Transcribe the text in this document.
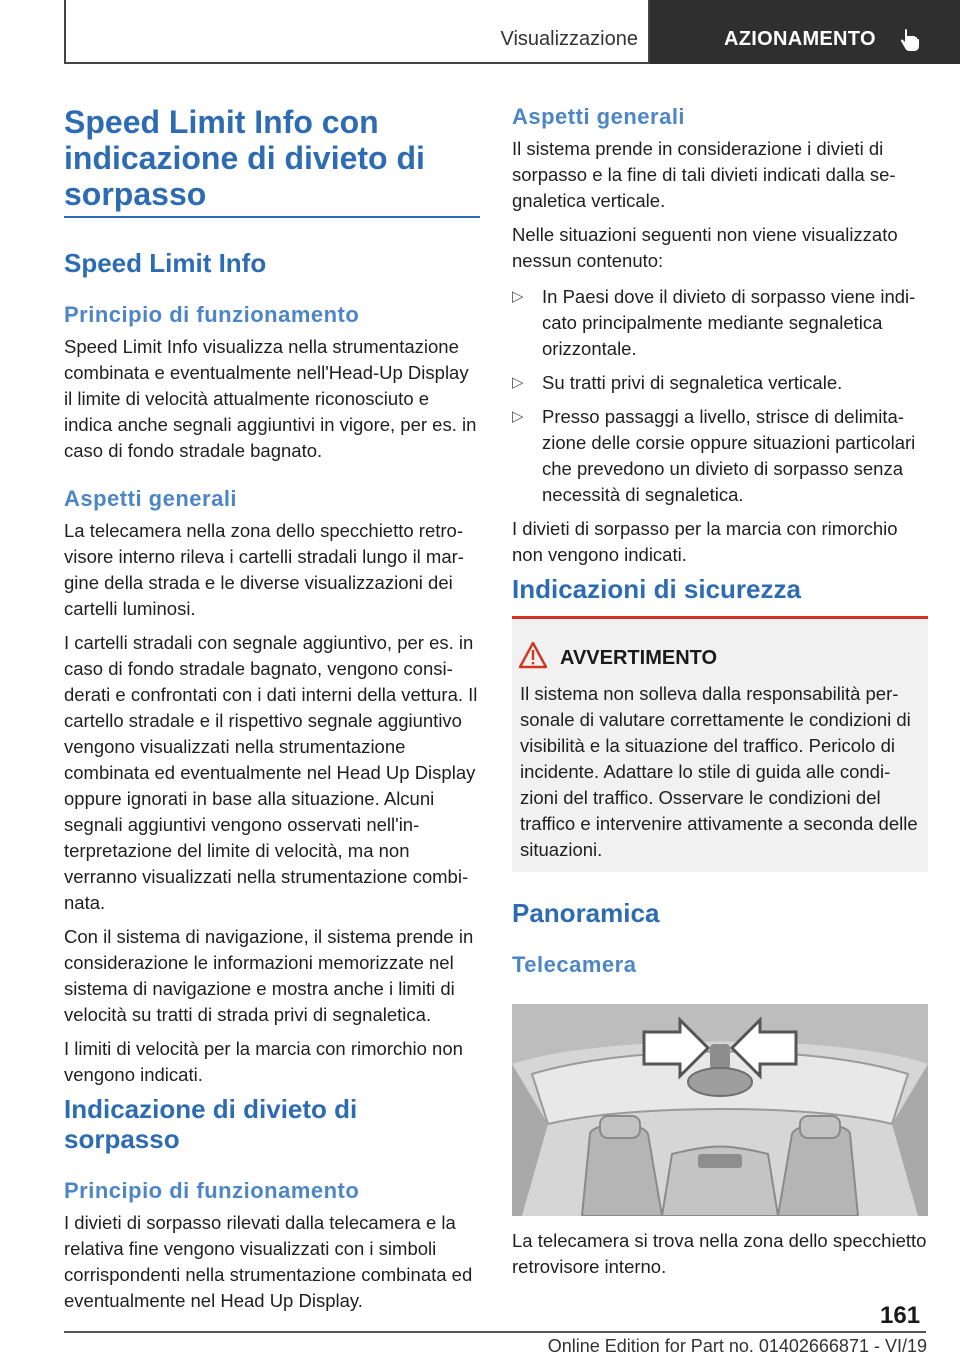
Visualizzazione	AZIONAMENTO
Speed Limit Info con indicazione di divieto di sorpasso
Speed Limit Info
Principio di funzionamento

Speed Limit Info visualizza nella strumentazione combinata e eventualmente nell'Head-Up Display il limite di velocità attualmente riconosciuto e indica anche segnali aggiuntivi in vigore, per es. in caso di fondo stradale bagnato.

Aspetti generali

La telecamera nella zona dello specchietto retrovisore interno rileva i cartelli stradali lungo il margine della strada e le diverse visualizzazioni dei cartelli luminosi.

I cartelli stradali con segnale aggiuntivo, per es. in caso di fondo stradale bagnato, vengono considerati e confrontati con i dati interni della vettura. Il cartello stradale e il rispettivo segnale aggiuntivo vengono visualizzati nella strumentazione combinata ed eventualmente nel Head Up Display oppure ignorati in base alla situazione. Alcuni segnali aggiuntivi vengono osservati nell'interpretazione del limite di velocità, ma non verranno visualizzati nella strumentazione combinata.

Con il sistema di navigazione, il sistema prende in considerazione le informazioni memorizzate nel sistema di navigazione e mostra anche i limiti di velocità su tratti di strada privi di segnaletica.

I limiti di velocità per la marcia con rimorchio non vengono indicati.

Indicazione di divieto di sorpasso
Principio di funzionamento

I divieti di sorpasso rilevati dalla telecamera e la relativa fine vengono visualizzati con i simboli corrispondenti nella strumentazione combinata ed eventualmente nel Head Up Display.

Aspetti generali

Il sistema prende in considerazione i divieti di sorpasso e la fine di tali divieti indicati dalla segnaletica verticale.

Nelle situazioni seguenti non viene visualizzato nessun contenuto:

▷ In Paesi dove il divieto di sorpasso viene indicato principalmente mediante segnaletica orizzontale.
▷ Su tratti privi di segnaletica verticale.
▷ Presso passaggi a livello, strisce di delimitazione delle corsie oppure situazioni particolari che prevedono un divieto di sorpasso senza necessità di segnaletica.

I divieti di sorpasso per la marcia con rimorchio non vengono indicati.

Indicazioni di sicurezza
AVVERTIMENTO
Il sistema non solleva dalla responsabilità personale di valutare correttamente le condizioni di visibilità e la situazione del traffico. Pericolo di incidente. Adattare lo stile di guida alle condizioni del traffico. Osservare le condizioni del traffico e intervenire attivamente a seconda delle situazioni.
Panoramica
Telecamera

La telecamera si trova nella zona dello specchietto retrovisore interno.

161
Online Edition for Part no. 01402666871 - VI/19
